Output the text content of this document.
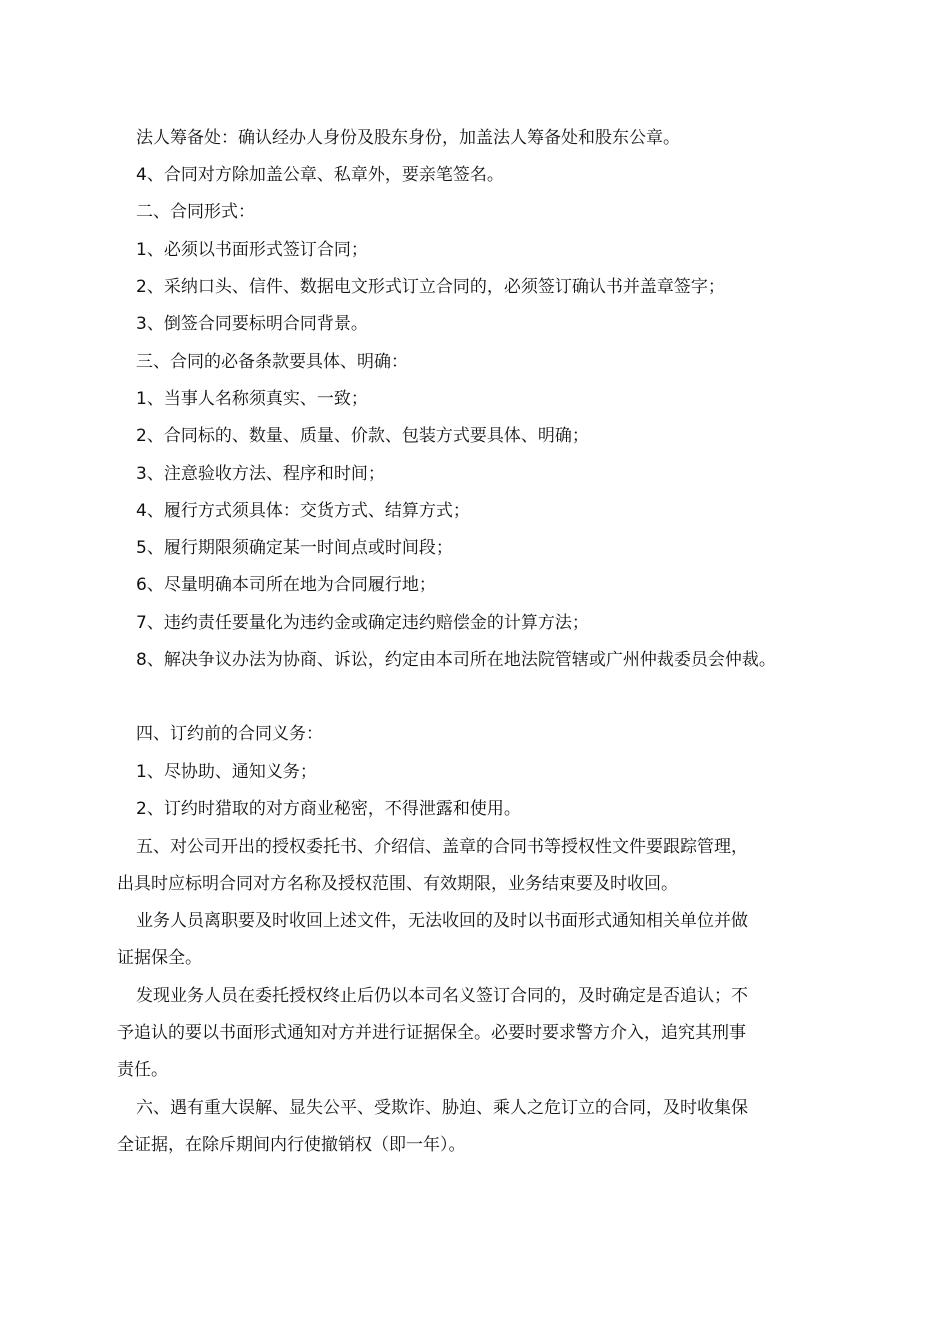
法人筹备处：确认经办人身份及股东身份，加盖法人筹备处和股东公章。

4、合同对方除加盖公章、私章外，要亲笔签名。

二、合同形式：

1、必须以书面形式签订合同；

2、采纳口头、信件、数据电文形式订立合同的，必须签订确认书并盖章签字；

3、倒签合同要标明合同背景。

三、合同的必备条款要具体、明确：

1、当事人名称须真实、一致；

2、合同标的、数量、质量、价款、包装方式要具体、明确；

3、注意验收方法、程序和时间；

4、履行方式须具体：交货方式、结算方式；

5、履行期限须确定某一时间点或时间段；

6、尽量明确本司所在地为合同履行地；

7、违约责任要量化为违约金或确定违约赔偿金的计算方法；

8、解决争议办法为协商、诉讼，约定由本司所在地法院管辖或广州仲裁委员会仲裁。

四、订约前的合同义务：

1、尽协助、通知义务；

2、订约时猎取的对方商业秘密，不得泄露和使用。

五、对公司开出的授权委托书、介绍信、盖章的合同书等授权性文件要跟踪管理，
出具时应标明合同对方名称及授权范围、有效期限，业务结束要及时收回。
业务人员离职要及时收回上述文件，无法收回的及时以书面形式通知相关单位并做
证据保全。
发现业务人员在委托授权终止后仍以本司名义签订合同的，及时确定是否追认；不
予追认的要以书面形式通知对方并进行证据保全。必要时要求警方介入，追究其刑事
责任。
六、遇有重大误解、显失公平、受欺诈、胁迫、乘人之危订立的合同，及时收集保
全证据，在除斥期间内行使撤销权（即一年）。
